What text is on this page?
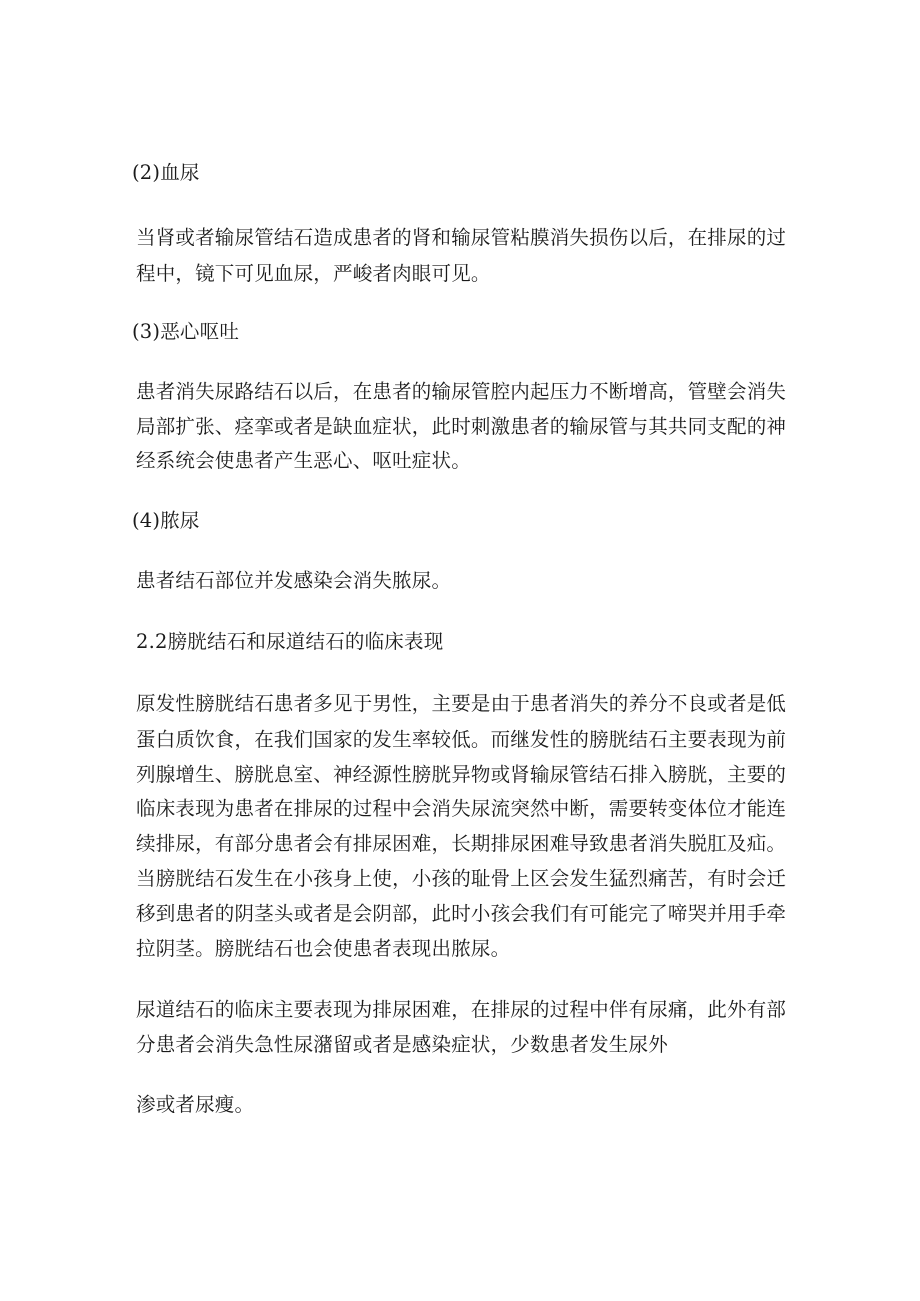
(2)血尿
当肾或者输尿管结石造成患者的肾和输尿管粘膜消失损伤以后，在排尿的过
程中，镜下可见血尿，严峻者肉眼可见。
(3)恶心呕吐
患者消失尿路结石以后，在患者的输尿管腔内起压力不断增高，管壁会消失
局部扩张、痉挛或者是缺血症状，此时刺激患者的输尿管与其共同支配的神
经系统会使患者产生恶心、呕吐症状。
(4)脓尿
患者结石部位并发感染会消失脓尿。
2.2膀胱结石和尿道结石的临床表现
原发性膀胱结石患者多见于男性，主要是由于患者消失的养分不良或者是低
蛋白质饮食，在我们国家的发生率较低。而继发性的膀胱结石主要表现为前
列腺增生、膀胱息室、神经源性膀胱异物或肾输尿管结石排入膀胱，主要的
临床表现为患者在排尿的过程中会消失尿流突然中断，需要转变体位才能连
续排尿，有部分患者会有排尿困难，长期排尿困难导致患者消失脱肛及疝。
当膀胱结石发生在小孩身上使，小孩的耻骨上区会发生猛烈痛苦，有时会迁
移到患者的阴茎头或者是会阴部，此时小孩会我们有可能完了啼哭并用手牵
拉阴茎。膀胱结石也会使患者表现出脓尿。
尿道结石的临床主要表现为排尿困难，在排尿的过程中伴有尿痛，此外有部
分患者会消失急性尿潴留或者是感染症状，少数患者发生尿外
渗或者尿瘦。
